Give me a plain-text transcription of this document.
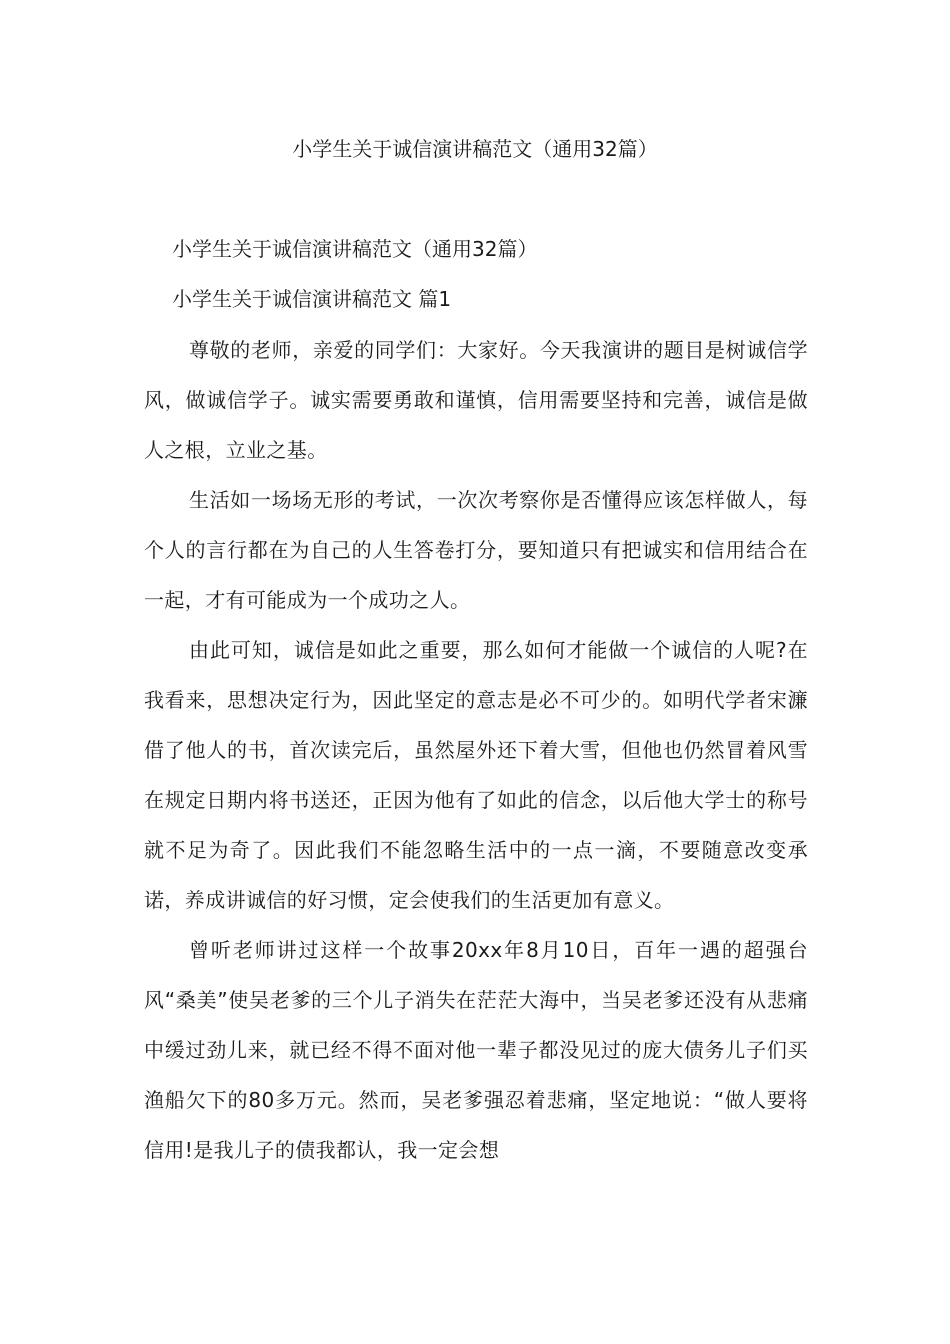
小学生关于诚信演讲稿范文（通用32篇）

小学生关于诚信演讲稿范文（通用32篇）

小学生关于诚信演讲稿范文 篇1

尊敬的老师，亲爱的同学们：大家好。今天我演讲的题目是树诚信学风，做诚信学子。诚实需要勇敢和谨慎，信用需要坚持和完善，诚信是做人之根，立业之基。

生活如一场场无形的考试，一次次考察你是否懂得应该怎样做人，每个人的言行都在为自己的人生答卷打分，要知道只有把诚实和信用结合在一起，才有可能成为一个成功之人。

由此可知，诚信是如此之重要，那么如何才能做一个诚信的人呢?在我看来，思想决定行为，因此坚定的意志是必不可少的。如明代学者宋濂借了他人的书，首次读完后，虽然屋外还下着大雪，但他也仍然冒着风雪在规定日期内将书送还，正因为他有了如此的信念，以后他大学士的称号就不足为奇了。因此我们不能忽略生活中的一点一滴，不要随意改变承诺，养成讲诚信的好习惯，定会使我们的生活更加有意义。

曾听老师讲过这样一个故事20xx年8月10日，百年一遇的超强台风“桑美”使吴老爹的三个儿子消失在茫茫大海中，当吴老爹还没有从悲痛中缓过劲儿来，就已经不得不面对他一辈子都没见过的庞大债务儿子们买渔船欠下的80多万元。然而，吴老爹强忍着悲痛，坚定地说：“做人要将信用!是我儿子的债我都认，我一定会想
